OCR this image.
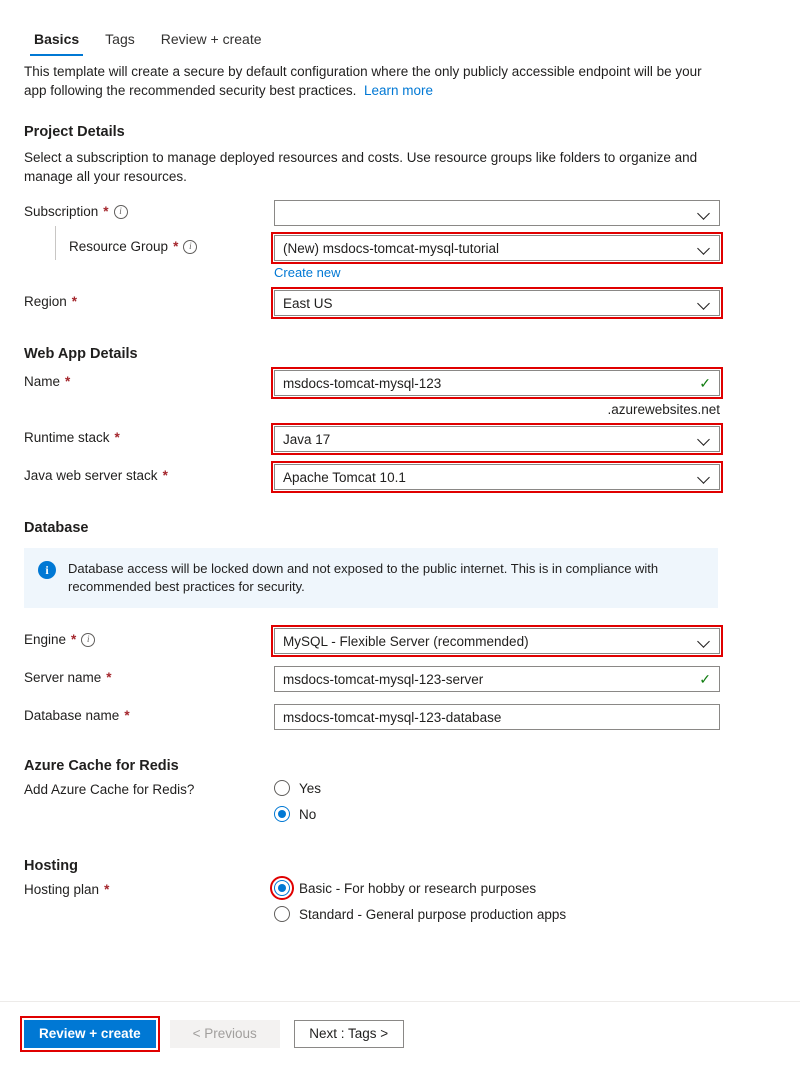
Basics	Tags	Review + create

This template will create a secure by default configuration where the only publicly accessible endpoint will be your app following the recommended security best practices. Learn more

Project Details
Select a subscription to manage deployed resources and costs. Use resource groups like folders to organize and manage all your resources.
Subscription *	i
Resource Group *	i	(New) msdocs-tomcat-mysql-tutorial
Create new
Region *	East US
Web App Details
Name *	msdocs-tomcat-mysql-123	✓
.azurewebsites.net
Runtime stack *	Java 17
Java web server stack *	Apache Tomcat 10.1
Database
i	Database access will be locked down and not exposed to the public internet. This is in compliance with recommended best practices for security.
Engine *	i	MySQL - Flexible Server (recommended)
Server name *	msdocs-tomcat-mysql-123-server	✓
Database name *	msdocs-tomcat-mysql-123-database
Azure Cache for Redis
Add Azure Cache for Redis?	Yes
No
Hosting
Hosting plan *	Basic - For hobby or research purposes
Standard - General purpose production apps
Review + create	< Previous	Next : Tags >
